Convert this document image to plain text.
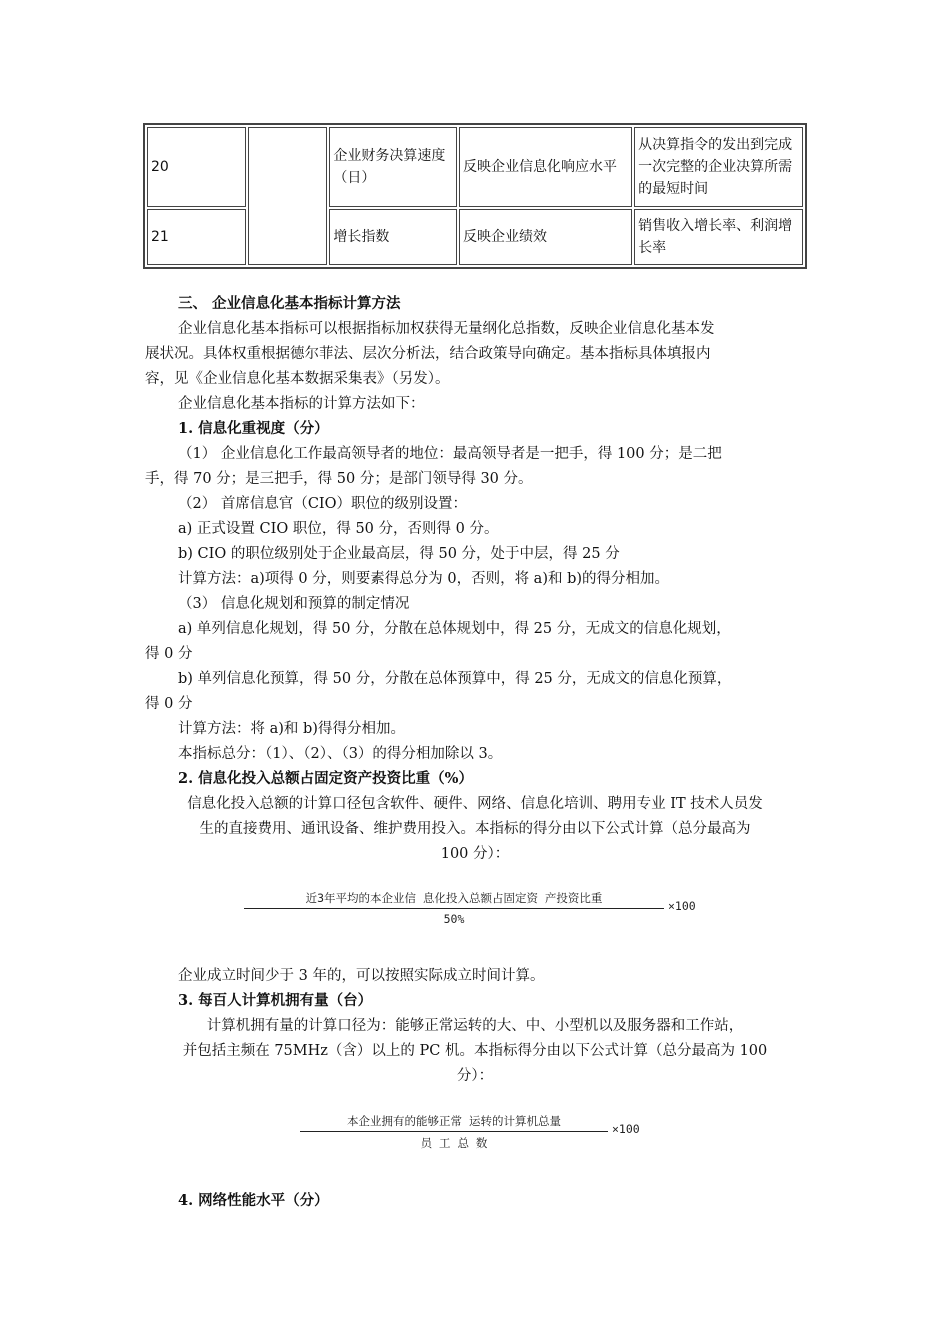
20		企业财务决算速度（日）	反映企业信息化响应水平	从决算指令的发出到完成一次完整的企业决算所需的最短时间
21		增长指数	反映企业绩效	销售收入增长率、利润增长率
三、 企业信息化基本指标计算方法
企业信息化基本指标可以根据指标加权获得无量纲化总指数，反映企业信息化基本发
展状况。具体权重根据德尔菲法、层次分析法，结合政策导向确定。基本指标具体填报内
容，见《企业信息化基本数据采集表》（另发）。
企业信息化基本指标的计算方法如下：
1. 信息化重视度（分）
（1） 企业信息化工作最高领导者的地位：最高领导者是一把手，得 100 分；是二把
手，得 70 分；是三把手，得 50 分；是部门领导得 30 分。
（2） 首席信息官（CIO）职位的级别设置：
a) 正式设置 CIO 职位，得 50 分，否则得 0 分。
b) CIO 的职位级别处于企业最高层，得 50 分，处于中层，得 25 分
计算方法：a)项得 0 分，则要素得总分为 0，否则，将 a)和 b)的得分相加。
（3） 信息化规划和预算的制定情况
a) 单列信息化规划，得 50 分，分散在总体规划中，得 25 分，无成文的信息化规划，
得 0 分
b) 单列信息化预算，得 50 分，分散在总体预算中，得 25 分，无成文的信息化预算，
得 0 分
计算方法：将 a)和 b)得得分相加。
本指标总分：（1）、（2）、（3）的得分相加除以 3。
2. 信息化投入总额占固定资产投资比重（%）
信息化投入总额的计算口径包含软件、硬件、网络、信息化培训、聘用专业 IT 技术人员发
生的直接费用、通讯设备、维护费用投入。本指标的得分由以下公式计算（总分最高为
100 分）：
近3年平均的本企业信 息化投入总额占固定资 产投资比重
50%
×100
企业成立时间少于 3 年的，可以按照实际成立时间计算。
3. 每百人计算机拥有量（台）
计算机拥有量的计算口径为：能够正常运转的大、中、小型机以及服务器和工作站，
并包括主频在 75MHz（含）以上的 PC 机。本指标得分由以下公式计算（总分最高为 100
分）：
本企业拥有的能够正常 运转的计算机总量
员 工 总 数
×100
4. 网络性能水平（分）
